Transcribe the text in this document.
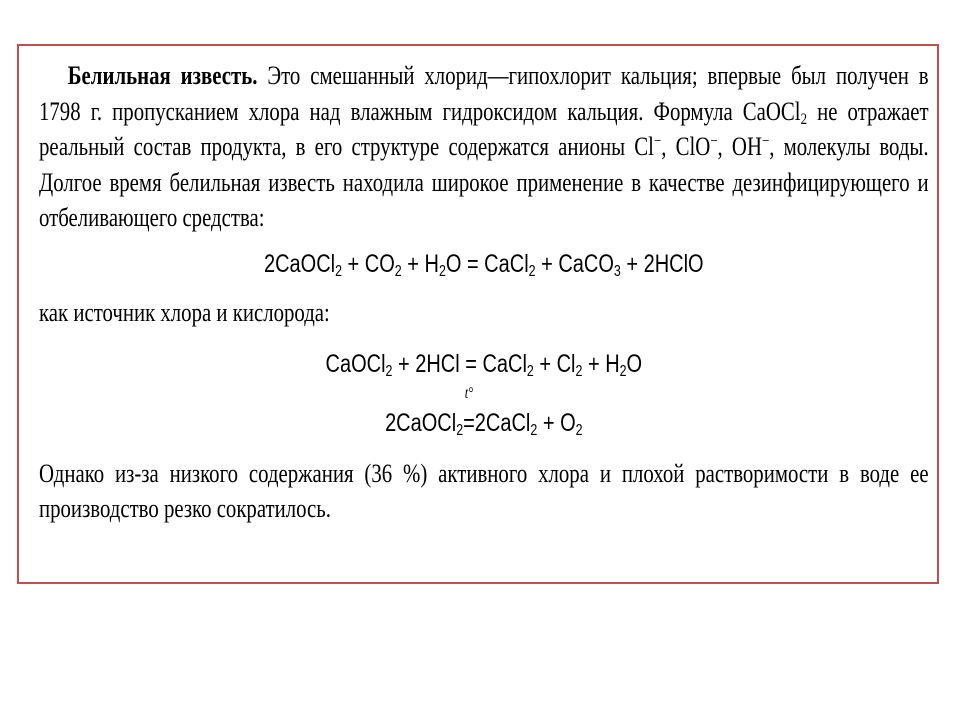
Белильная известь. Это смешанный хлорид—гипохлорит кальция; впервые был получен в 1798 г. пропусканием хлора над влажным гидроксидом кальция. Формула CaOCl$_2$ не отражает реальный состав продукта, в его структуре содержатся анионы Cl−, ClO−, OH−, молекулы воды. Долгое время белильная известь находила широкое применение в качестве дезинфицирующего и отбеливающего средства:

2CaOCl$_2$ + $CO_2 + H_2O$ = CaCl$_2$ + CaCO$_3$ + 2HClO

как источник хлора и кислорода:

CaOCl$_2$ + 2HCl = CaCl$_2$ + $Cl_2 + H_2O$

2CaOCl$_2$
t°
=2CaCl$_2$ + $O_2$

Однако из-за низкого содержания (36 %) активного хлора и плохой растворимости в воде ее производство резко сократилось.
